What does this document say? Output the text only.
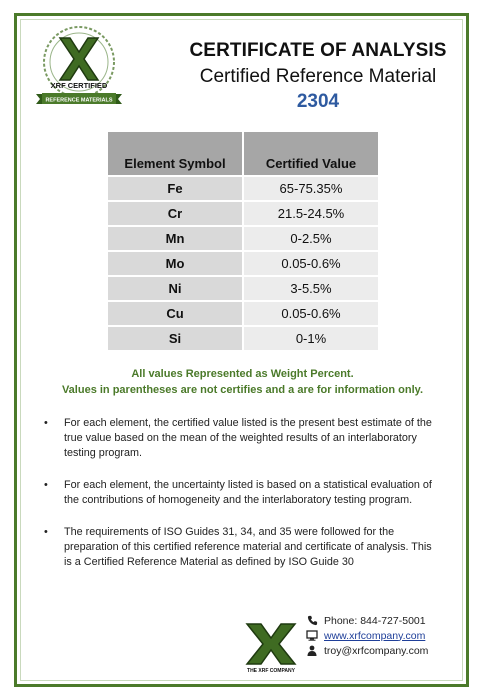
XRF CERTIFIED
REFERENCE MATERIALS
CERTIFICATE OF ANALYSIS
Certified Reference Material
2304
Element Symbol	Certified Value
Fe	65-75.35%
Cr	21.5-24.5%
Mn	0-2.5%
Mo	0.05-0.6%
Ni	3-5.5%
Cu	0.05-0.6%
Si	0-1%
All values Represented as Weight Percent.
Values in parentheses are not certifies and a are for information only.
• For each element, the certified value listed is the present best estimate of the true value based on the mean of the weighted results of an interlaboratory testing program.
• For each element, the uncertainty listed is based on a statistical evaluation of the contributions of homogeneity and the interlaboratory testing program.
• The requirements of ISO Guides 31, 34, and 35 were followed for the preparation of this certified reference material and certificate of analysis. This is a Certified Reference Material as defined by ISO Guide 30
THE XRF COMPANY
Phone: 844-727-5001
www.xrfcompany.com
troy@xrfcompany.com
